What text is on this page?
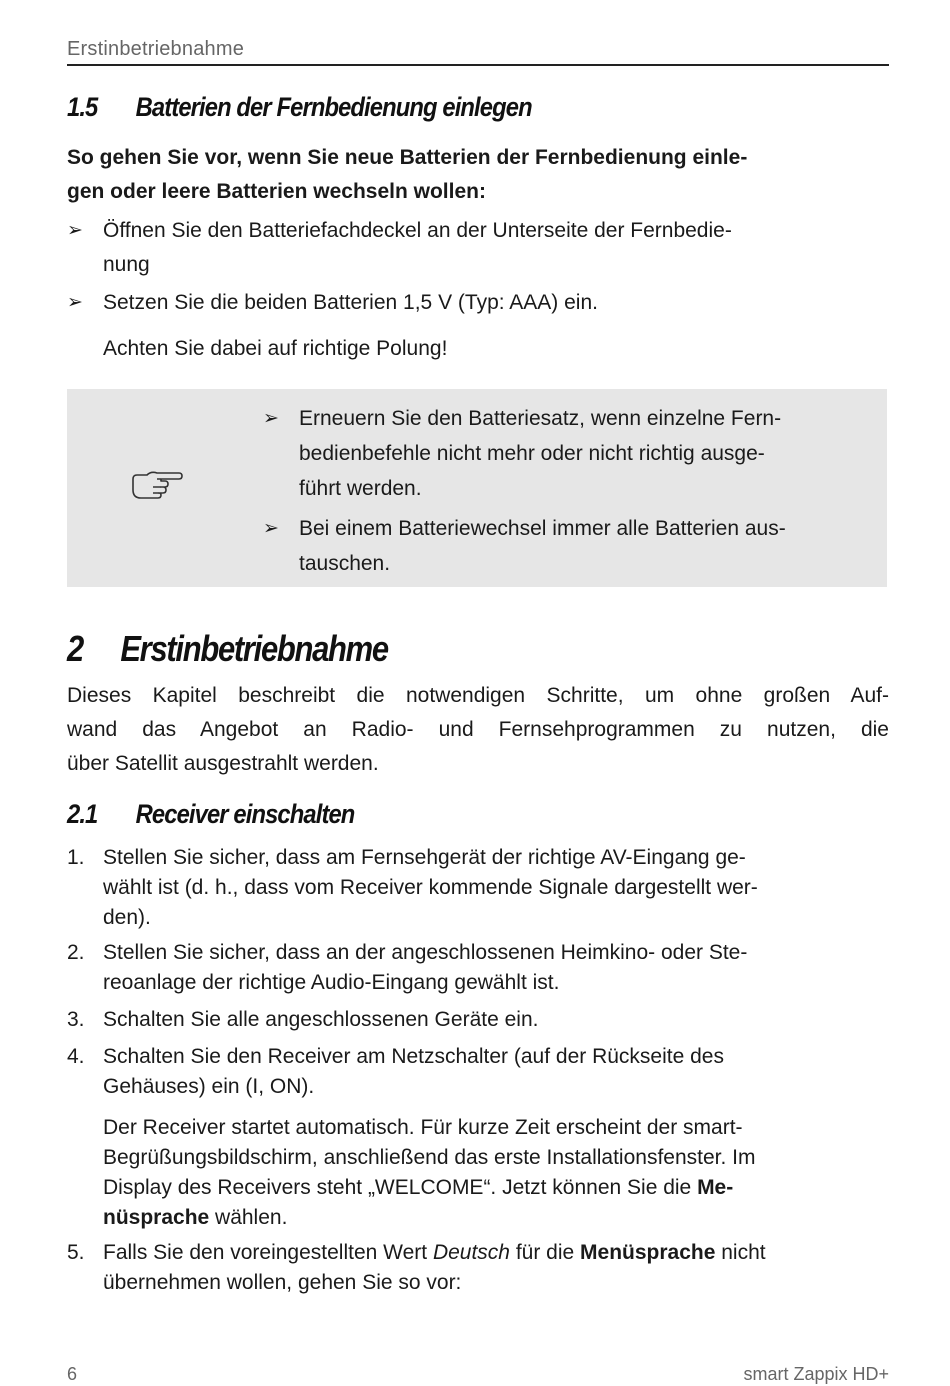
Erstinbetriebnahme
1.5 Batterien der Fernbedienung einlegen
So gehen Sie vor, wenn Sie neue Batterien der Fernbedienung einle-
gen oder leere Batterien wechseln wollen:
➢ Öffnen Sie den Batteriefachdeckel an der Unterseite der Fernbedie-
nung
➢ Setzen Sie die beiden Batterien 1,5 V (Typ: AAA) ein.
Achten Sie dabei auf richtige Polung!
➢ Erneuern Sie den Batteriesatz, wenn einzelne Fern-
bedienbefehle nicht mehr oder nicht richtig ausge-
führt werden.
➢ Bei einem Batteriewechsel immer alle Batterien aus-
tauschen.
2 Erstinbetriebnahme
Dieses Kapitel beschreibt die notwendigen Schritte, um ohne großen Auf-
wand das Angebot an Radio- und Fernsehprogrammen zu nutzen, die
über Satellit ausgestrahlt werden.
2.1 Receiver einschalten
1. Stellen Sie sicher, dass am Fernsehgerät der richtige AV-Eingang ge-
wählt ist (d. h., dass vom Receiver kommende Signale dargestellt wer-
den).
2. Stellen Sie sicher, dass an der angeschlossenen Heimkino- oder Ste-
reoanlage der richtige Audio-Eingang gewählt ist.
3. Schalten Sie alle angeschlossenen Geräte ein.
4. Schalten Sie den Receiver am Netzschalter (auf der Rückseite des
Gehäuses) ein (I, ON).
Der Receiver startet automatisch. Für kurze Zeit erscheint der smart-
Begrüßungsbildschirm, anschließend das erste Installationsfenster. Im
Display des Receivers steht „WELCOME“. Jetzt können Sie die Me-
nüsprache wählen.
5. Falls Sie den voreingestellten Wert Deutsch für die Menüsprache nicht
übernehmen wollen, gehen Sie so vor:
6	smart Zappix HD+
